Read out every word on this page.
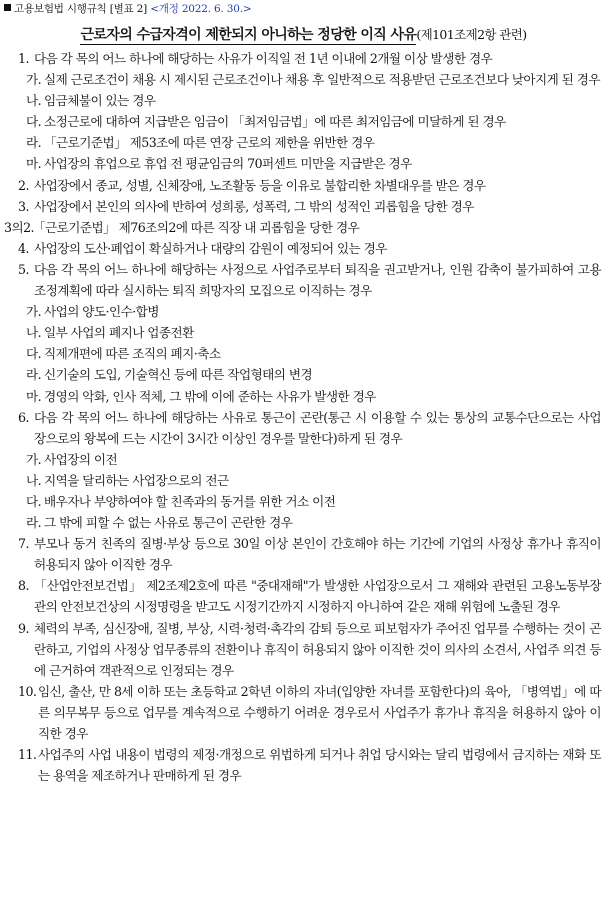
고용보험법 시행규칙 [별표 2] <개정 2022. 6. 30.>
근로자의 수급자격이 제한되지 아니하는 정당한 이직 사유(제101조제2항 관련)
1. 다음 각 목의 어느 하나에 해당하는 사유가 이직일 전 1년 이내에 2개월 이상 발생한 경우
가. 실제 근로조건이 채용 시 제시된 근로조건이나 채용 후 일반적으로 적용받던 근로조건보다 낮아지게 된 경우
나. 임금체불이 있는 경우
다. 소정근로에 대하여 지급받은 임금이 「최저임금법」에 따른 최저임금에 미달하게 된 경우
라. 「근로기준법」 제53조에 따른 연장 근로의 제한을 위반한 경우
마. 사업장의 휴업으로 휴업 전 평균임금의 70퍼센트 미만을 지급받은 경우
2. 사업장에서 종교, 성별, 신체장애, 노조활동 등을 이유로 불합리한 차별대우를 받은 경우
3. 사업장에서 본인의 의사에 반하여 성희롱, 성폭력, 그 밖의 성적인 괴롭힘을 당한 경우
3의2. 「근로기준법」 제76조의2에 따른 직장 내 괴롭힘을 당한 경우
4. 사업장의 도산·폐업이 확실하거나 대량의 감원이 예정되어 있는 경우
5. 다음 각 목의 어느 하나에 해당하는 사정으로 사업주로부터 퇴직을 권고받거나, 인원 감축이 불가피하여 고용조정계획에 따라 실시하는 퇴직 희망자의 모집으로 이직하는 경우
가. 사업의 양도·인수·합병
나. 일부 사업의 폐지나 업종전환
다. 직제개편에 따른 조직의 폐지·축소
라. 신기술의 도입, 기술혁신 등에 따른 작업형태의 변경
마. 경영의 악화, 인사 적체, 그 밖에 이에 준하는 사유가 발생한 경우
6. 다음 각 목의 어느 하나에 해당하는 사유로 통근이 곤란(통근 시 이용할 수 있는 통상의 교통수단으로는 사업장으로의 왕복에 드는 시간이 3시간 이상인 경우를 말한다)하게 된 경우
가. 사업장의 이전
나. 지역을 달리하는 사업장으로의 전근
다. 배우자나 부양하여야 할 친족과의 동거를 위한 거소 이전
라. 그 밖에 피할 수 없는 사유로 통근이 곤란한 경우
7. 부모나 동거 친족의 질병·부상 등으로 30일 이상 본인이 간호해야 하는 기간에 기업의 사정상 휴가나 휴직이 허용되지 않아 이직한 경우
8. 「산업안전보건법」 제2조제2호에 따른 "중대재해"가 발생한 사업장으로서 그 재해와 관련된 고용노동부장관의 안전보건상의 시정명령을 받고도 시정기간까지 시정하지 아니하여 같은 재해 위험에 노출된 경우
9. 체력의 부족, 심신장애, 질병, 부상, 시력·청력·촉각의 감퇴 등으로 피보험자가 주어진 업무를 수행하는 것이 곤란하고, 기업의 사정상 업무종류의 전환이나 휴직이 허용되지 않아 이직한 것이 의사의 소견서, 사업주 의견 등에 근거하여 객관적으로 인정되는 경우
10. 임신, 출산, 만 8세 이하 또는 초등학교 2학년 이하의 자녀(입양한 자녀를 포함한다)의 육아, 「병역법」에 따른 의무복무 등으로 업무를 계속적으로 수행하기 어려운 경우로서 사업주가 휴가나 휴직을 허용하지 않아 이직한 경우
11. 사업주의 사업 내용이 법령의 제정·개정으로 위법하게 되거나 취업 당시와는 달리 법령에서 금지하는 재화 또는 용역을 제조하거나 판매하게 된 경우
